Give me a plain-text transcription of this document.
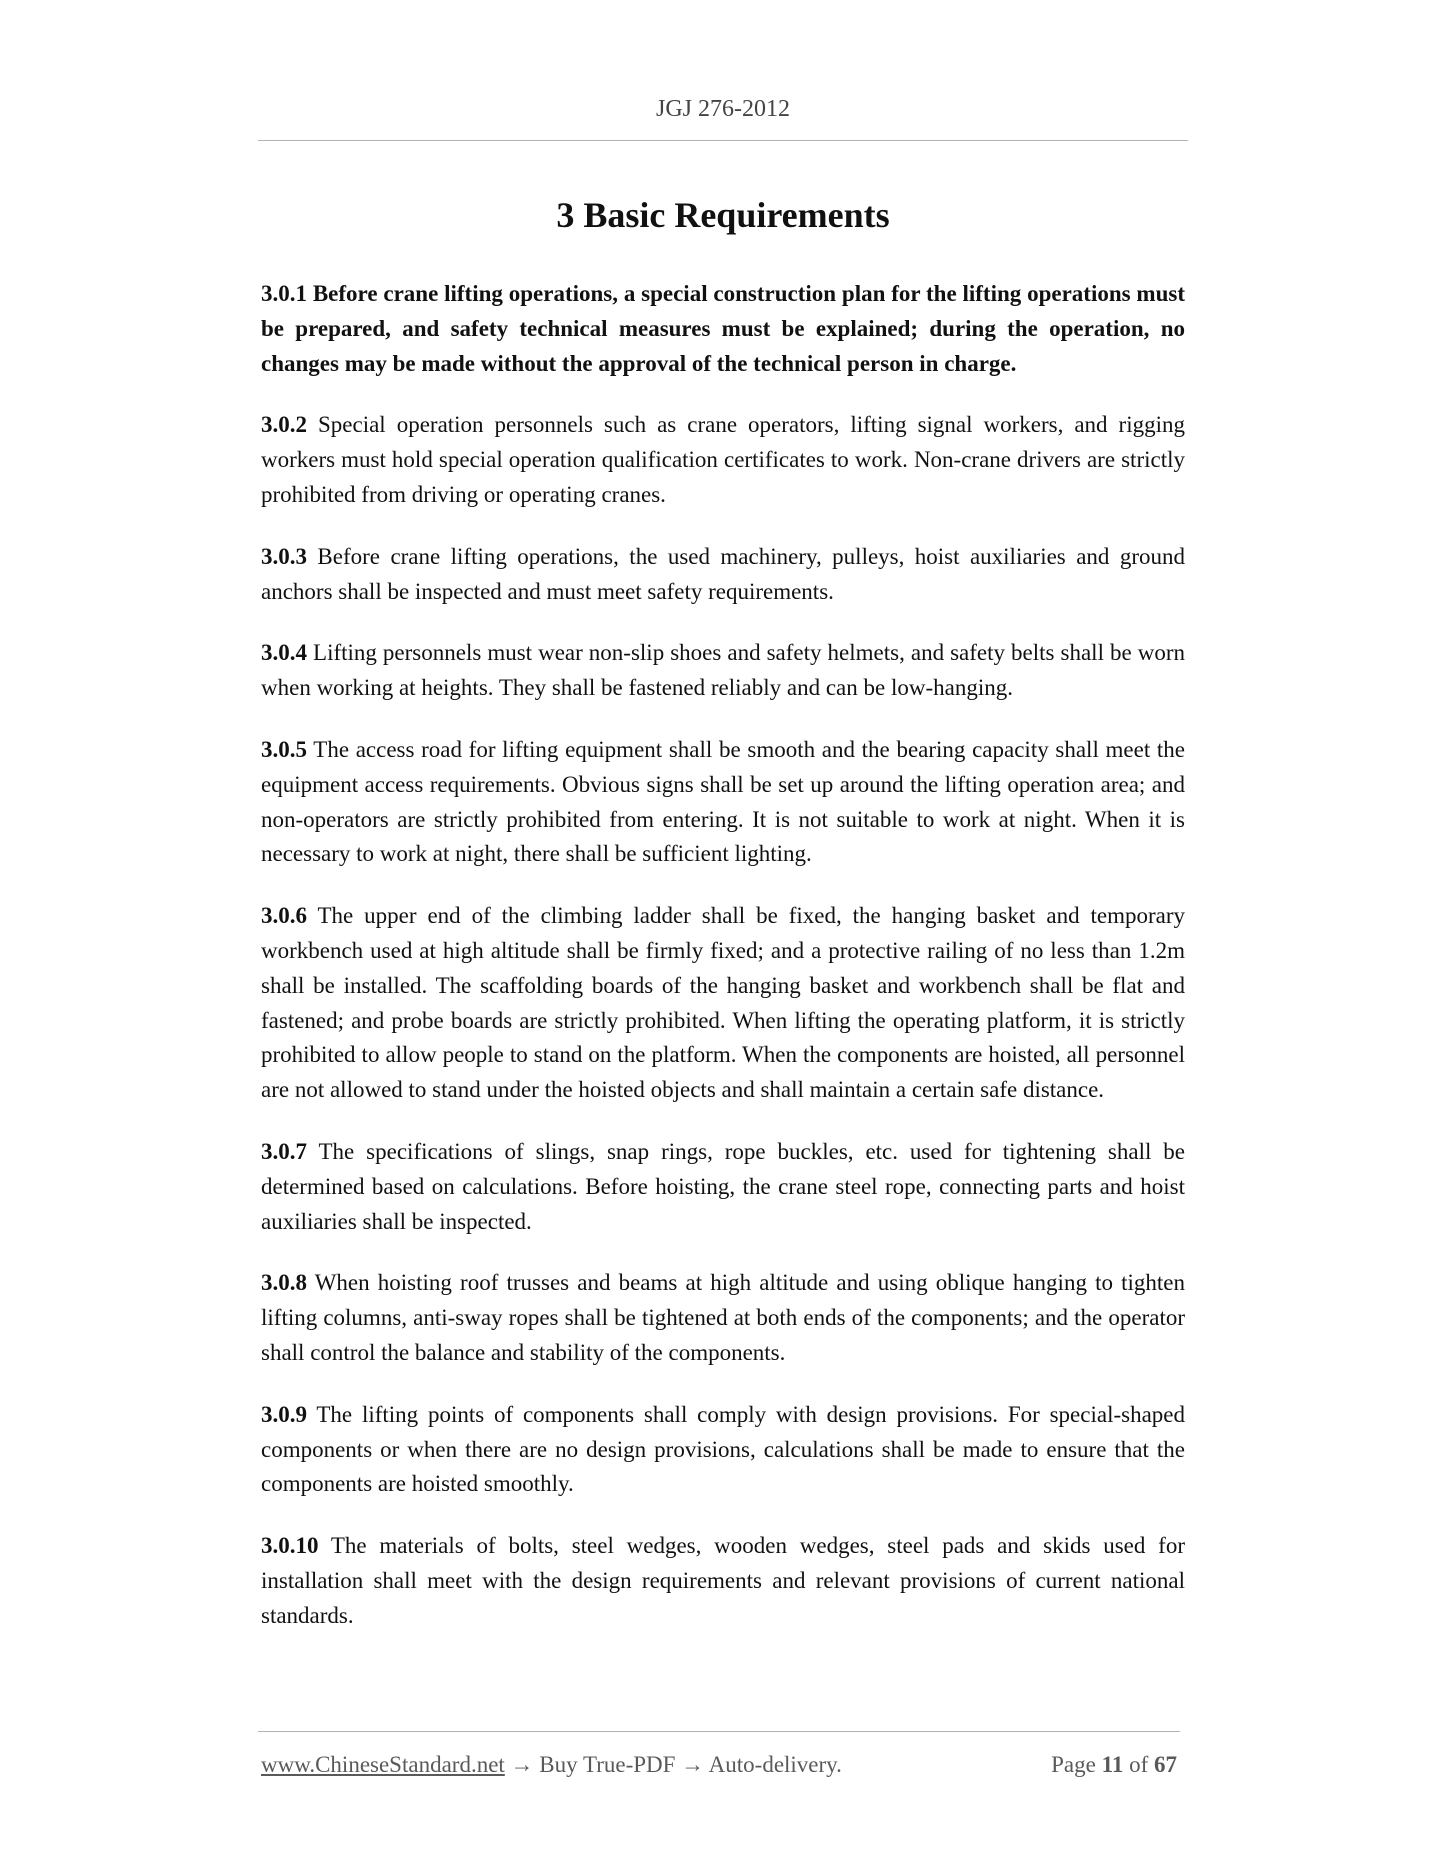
JGJ 276-2012
3 Basic Requirements

3.0.1 Before crane lifting operations, a special construction plan for the lifting operations must be prepared, and safety technical measures must be explained; during the operation, no changes may be made without the approval of the technical person in charge.

3.0.2 Special operation personnels such as crane operators, lifting signal workers, and rigging workers must hold special operation qualification certificates to work. Non-crane drivers are strictly prohibited from driving or operating cranes.

3.0.3 Before crane lifting operations, the used machinery, pulleys, hoist auxiliaries and ground anchors shall be inspected and must meet safety requirements.

3.0.4 Lifting personnels must wear non-slip shoes and safety helmets, and safety belts shall be worn when working at heights. They shall be fastened reliably and can be low-hanging.

3.0.5 The access road for lifting equipment shall be smooth and the bearing capacity shall meet the equipment access requirements. Obvious signs shall be set up around the lifting operation area; and non-operators are strictly prohibited from entering. It is not suitable to work at night. When it is necessary to work at night, there shall be sufficient lighting.

3.0.6 The upper end of the climbing ladder shall be fixed, the hanging basket and temporary workbench used at high altitude shall be firmly fixed; and a protective railing of no less than 1.2m shall be installed. The scaffolding boards of the hanging basket and workbench shall be flat and fastened; and probe boards are strictly prohibited. When lifting the operating platform, it is strictly prohibited to allow people to stand on the platform. When the components are hoisted, all personnel are not allowed to stand under the hoisted objects and shall maintain a certain safe distance.

3.0.7 The specifications of slings, snap rings, rope buckles, etc. used for tightening shall be determined based on calculations. Before hoisting, the crane steel rope, connecting parts and hoist auxiliaries shall be inspected.

3.0.8 When hoisting roof trusses and beams at high altitude and using oblique hanging to tighten lifting columns, anti-sway ropes shall be tightened at both ends of the components; and the operator shall control the balance and stability of the components.

3.0.9 The lifting points of components shall comply with design provisions. For special-shaped components or when there are no design provisions, calculations shall be made to ensure that the components are hoisted smoothly.

3.0.10 The materials of bolts, steel wedges, wooden wedges, steel pads and skids used for installation shall meet with the design requirements and relevant provisions of current national standards.

www.ChineseStandard.net → Buy True-PDF → Auto-delivery.	Page 11 of 67
